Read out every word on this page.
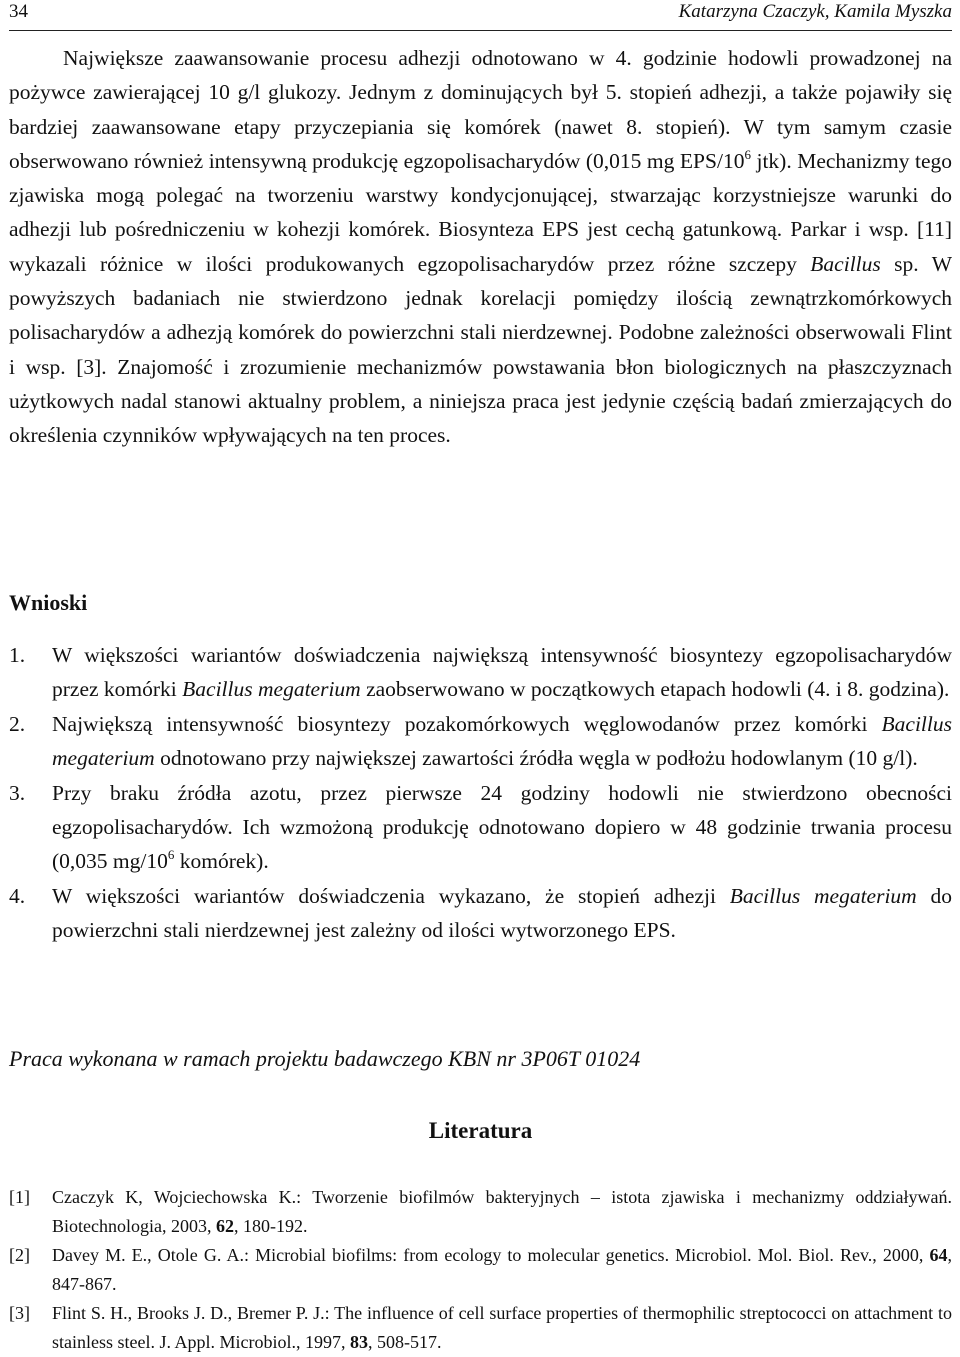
34	Katarzyna Czaczyk, Kamila Myszka

Największe zaawansowanie procesu adhezji odnotowano w 4. godzinie hodowli prowadzonej na pożywce zawierającej 10 g/l glukozy. Jednym z dominujących był 5. stopień adhezji, a także pojawiły się bardziej zaawansowane etapy przyczepiania się komórek (nawet 8. stopień). W tym samym czasie obserwowano również intensywną produkcję egzopolisacharydów (0,015 mg EPS/$10^6$ jtk). Mechanizmy tego zjawiska mogą polegać na tworzeniu warstwy kondycjonującej, stwarzając korzystniejsze warunki do adhezji lub pośredniczeniu w kohezji komórek. Biosynteza EPS jest cechą gatunkową. Parkar i wsp. [11] wykazali różnice w ilości produkowanych egzopolisacharydów przez różne szczepy Bacillus sp. W powyższych badaniach nie stwierdzono jednak korelacji pomiędzy ilością zewnątrzkomórkowych polisacharydów a adhezją komórek do powierzchni stali nierdzewnej. Podobne zależności obserwowali Flint i wsp. [3]. Znajomość i zrozumienie mechanizmów powstawania błon biologicznych na płaszczyznach użytkowych nadal stanowi aktualny problem, a niniejsza praca jest jedynie częścią badań zmierzających do określenia czynników wpływających na ten proces.

Wnioski
1. W większości wariantów doświadczenia największą intensywność biosyntezy egzopolisacharydów przez komórki Bacillus megaterium zaobserwowano w początkowych etapach hodowli (4. i 8. godzina).
2. Największą intensywność biosyntezy pozakomórkowych węglowodanów przez komórki Bacillus megaterium odnotowano przy największej zawartości źródła węgla w podłożu hodowlanym (10 g/l).
3. Przy braku źródła azotu, przez pierwsze 24 godziny hodowli nie stwierdzono obecności egzopolisacharydów. Ich wzmożoną produkcję odnotowano dopiero w 48 godzinie trwania procesu (0,035 $mg/10^6$ komórek).
4. W większości wariantów doświadczenia wykazano, że stopień adhezji Bacillus megaterium do powierzchni stali nierdzewnej jest zależny od ilości wytworzonego EPS.

Praca wykonana w ramach projektu badawczego KBN nr 3P06T 01024

Literatura
[1] Czaczyk K, Wojciechowska K.: Tworzenie biofilmów bakteryjnych – istota zjawiska i mechanizmy oddziaływań. Biotechnologia, 2003, 62, 180-192.
[2] Davey M. E., Otole G. A.: Microbial biofilms: from ecology to molecular genetics. Microbiol. Mol. Biol. Rev., 2000, 64, 847-867.
[3] Flint S. H., Brooks J. D., Bremer P. J.: The influence of cell surface properties of thermophilic streptococci on attachment to stainless steel. J. Appl. Microbiol., 1997, 83, 508-517.
